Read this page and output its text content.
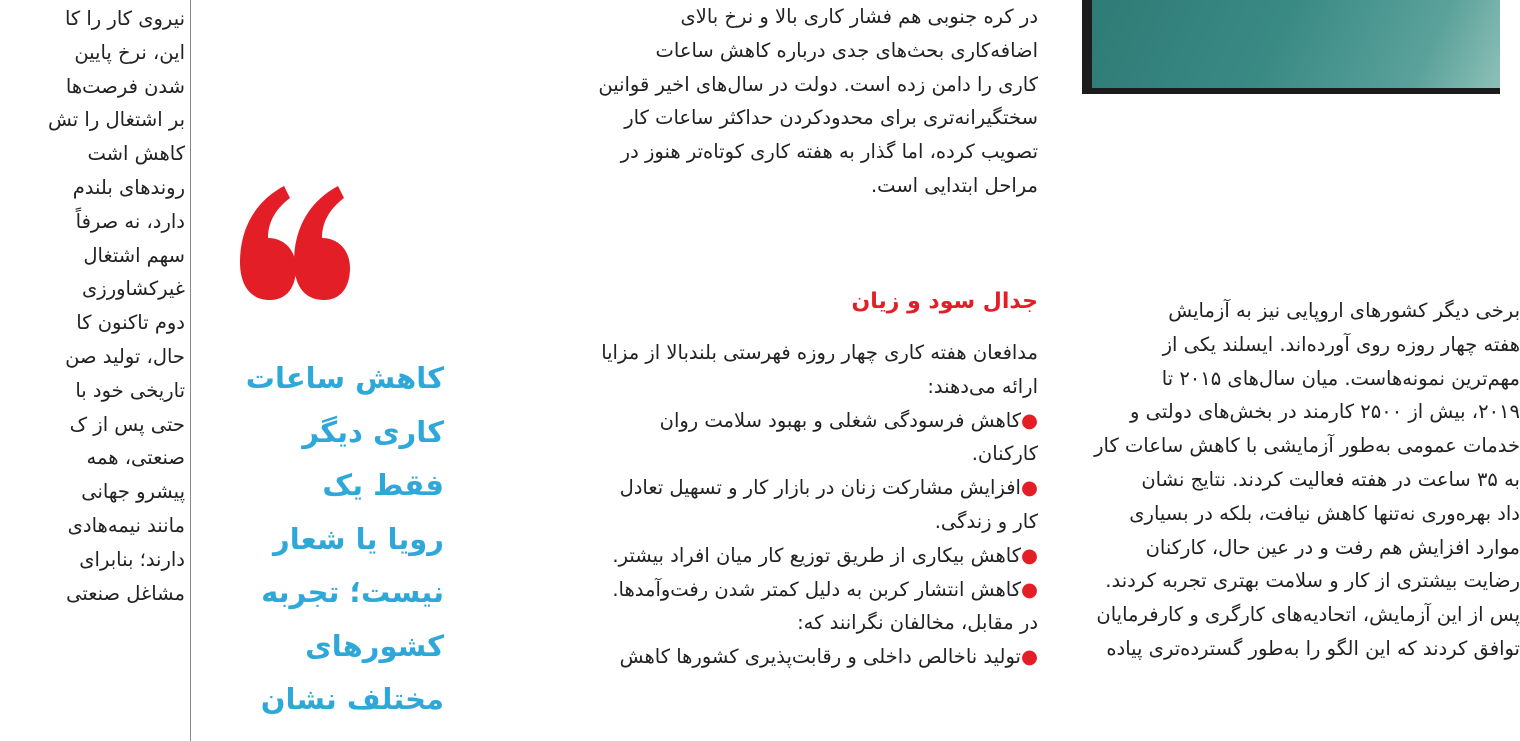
نیروی کار را کا
این، نرخ پایین
شدن فرصت‌ها
بر اشتغال را تش
کاهش اشت
روندهای بلندم
دارد، نه صرفاً
سهم اشتغال
غیرکشاورزی
دوم تاکنون کا
حال، تولید صن
تاریخی خود با
حتی پس از ک
صنعتی، همه
پیشرو جهانی
مانند نیمه‌هادی
دارند؛ بنابرای
مشاغل صنعتی
کاهش ساعات
کاری دیگر
فقط یک
رویا یا شعار
نیست؛ تجربه
کشورهای
مختلف نشان
در کره جنوبی هم فشار کاری بالا و نرخ بالای
اضافه‌کاری بحث‌های جدی درباره کاهش ساعات
کاری را دامن زده است. دولت در سال‌های اخیر قوانین
سختگیرانه‌تری برای محدودکردن حداکثر ساعات کار
تصویب کرده، اما گذار به هفته کاری کوتاه‌تر هنوز در
مراحل ابتدایی است.
جدال سود و زیان
مدافعان هفته کاری چهار روزه فهرستی بلندبالا از مزایا
ارائه می‌دهند:
●کاهش فرسودگی شغلی و بهبود سلامت روان
کارکنان.
●افزایش مشارکت زنان در بازار کار و تسهیل تعادل
کار و زندگی.
●کاهش بیکاری از طریق توزیع کار میان افراد بیشتر.
●کاهش انتشار کربن به دلیل کمتر شدن رفت‌وآمدها.
در مقابل، مخالفان نگرانند که:
●تولید ناخالص داخلی و رقابت‌پذیری کشورها کاهش
برخی دیگر کشورهای اروپایی نیز به آزمایش
هفته چهار روزه روی آورده‌اند. ایسلند یکی از
مهم‌ترین نمونه‌هاست. میان سال‌های ۲۰۱۵ تا
۲۰۱۹، بیش از ۲۵۰۰ کارمند در بخش‌های دولتی و
خدمات عمومی به‌طور آزمایشی با کاهش ساعات کار
به ۳۵ ساعت در هفته فعالیت کردند. نتایج نشان
داد بهره‌وری نه‌تنها کاهش نیافت، بلکه در بسیاری
موارد افزایش هم رفت و در عین حال، کارکنان
رضایت بیشتری از کار و سلامت بهتری تجربه کردند.
پس از این آزمایش، اتحادیه‌های کارگری و کارفرمایان
توافق کردند که این الگو را به‌طور گسترده‌تری پیاده
